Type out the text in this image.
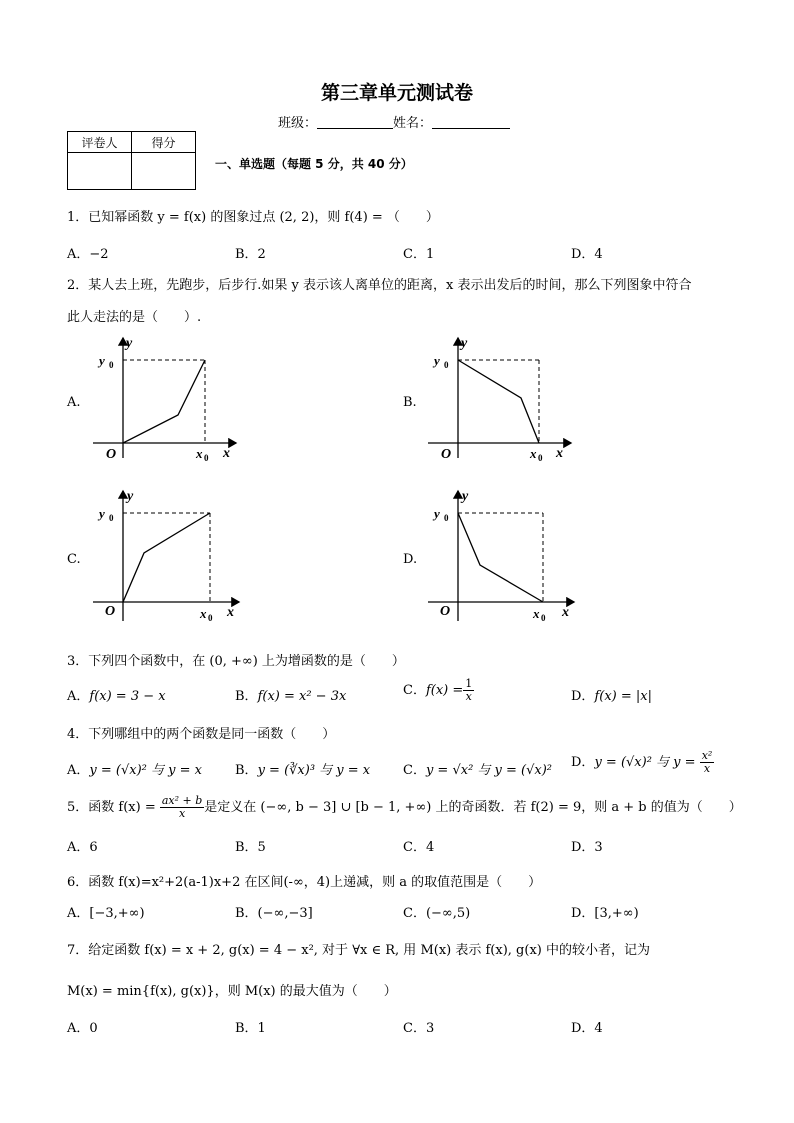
第三章单元测试卷
班级：	姓名：
评卷人	得分

一、单选题（每题 5 分，共 40 分）
1．已知幂函数 y = f(x) 的图象过点 (2, 2)，则 f(4) = （　　）
A．−2	B．2	C．1	D．4
2．某人去上班，先跑步，后步行.如果 y 表示该人离单位的距离，x 表示出发后的时间，那么下列图象中符合
此人走法的是（　　）.
A.	B.
C.	D.
y
y 0
O	x 0 x
y
y 0
O	x 0 x
y
y 0
O	x 0 x
y
y 0
O	x 0 x
3．下列四个函数中，在 (0, +∞) 上为增函数的是（　　）
A．f(x) = 3 − x	B．f(x) = x² − 3x	C．$f(x) = \frac{1}{x}$	D．f(x) = |x|
4．下列哪组中的两个函数是同一函数（　　）
A．y = (√x)² 与 y = x	B．y = (∛x)³ 与 y = x	C．y = √x² 与 y = (√x)²
D．y = (√x)² 与 $y = \frac{\text{x²}}{x}$
5．函数 $f(x) = \frac{\text{ax² + b}}{x}$ 是定义在 (−∞, b − 3] ∪ [b − 1, +∞) 上的奇函数．若 f(2) = 9，则 a + b 的值为（　　）
A．6	B．5	C．4	D．3
6．函数 f(x)=x²+2(a-1)x+2 在区间(-∞，4)上递减，则 a 的取值范围是（　　）
A．[−3,+∞)	B．(−∞,−3]	C．(−∞,5)	D．[3,+∞)
7．给定函数 f(x) = x + 2, g(x) = 4 − x², 对于 ∀x ∈ R, 用 M(x) 表示 f(x), g(x) 中的较小者，记为
M(x) = min{f(x), g(x)}，则 M(x) 的最大值为（　　）
A．0	B．1	C．3	D．4
